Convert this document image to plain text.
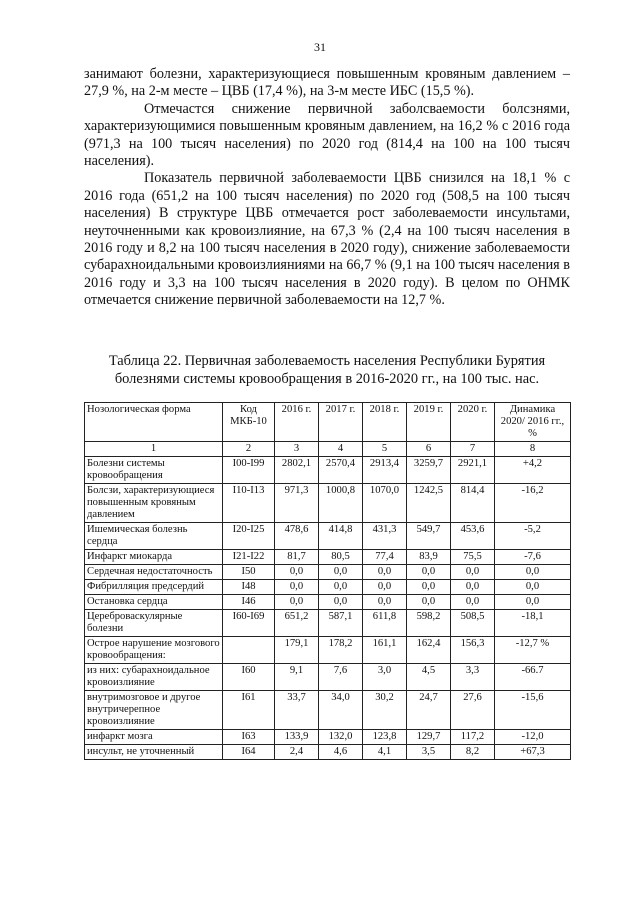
31

занимают болезни, характеризующиеся повышенным кровяным давлением – 27,9 %, на 2-м месте – ЦВБ (17,4 %), на 3-м месте ИБС (15,5 %).

Отмечастся снижение первичной заболсваемости болсзнями, характеризующимися повышенным кровяным давлением, на 16,2 % с 2016 года (971,3 на 100 тысяч населения) по 2020 год (814,4 на 100 на 100 тысяч населения).

Показатель первичной заболеваемости ЦВБ снизился на 18,1 % с 2016 года (651,2 на 100 тысяч населения) по 2020 год (508,5 на 100 тысяч населения) В структуре ЦВБ отмечается рост заболеваемости инсультами, неуточненными как кровоизлияние, на 67,3 % (2,4 на 100 тысяч населения в 2016 году и 8,2 на 100 тысяч населения в 2020 году), снижение заболеваемости субарахноидальными кровоизлияниями на 66,7 % (9,1 на 100 тысяч населения в 2016 году и 3,3 на 100 тысяч населения в 2020 году). В целом по ОНМК отмечается снижение первичной заболеваемости на 12,7 %.

Таблица 22. Первичная заболеваемость населения Республики Бурятия болезнями системы кровообращения в 2016-2020 гг., на 100 тыс. нас.
Нозологическая форма	Код МКБ-10	2016 г.	2017 г.	2018 г.	2019 г.	2020 г.	Динамика 2020/ 2016 гг., %
1	2	3	4	5	6	7	8
Болезни системы кровообращения	I00-I99	2802,1	2570,4	2913,4	3259,7	2921,1	+4,2
Болсзи, характеризующиеся повышенным кровяным давлением	I10-I13	971,3	1000,8	1070,0	1242,5	814,4	-16,2
Ишемическая болезнь сердца	I20-I25	478,6	414,8	431,3	549,7	453,6	-5,2
Инфаркт миокарда	I21-I22	81,7	80,5	77,4	83,9	75,5	-7,6
Сердечная недостаточность	I50	0,0	0,0	0,0	0,0	0,0	0,0
Фибрилляция предсердий	I48	0,0	0,0	0,0	0,0	0,0	0,0
Остановка сердца	I46	0,0	0,0	0,0	0,0	0,0	0,0
Цереброваскулярные болезни	I60-I69	651,2	587,1	611,8	598,2	508,5	-18,1
Острое нарушение мозгового кровообращения:		179,1	178,2	161,1	162,4	156,3	-12,7 %
из них: субарахноидальное кровоизлияние	I60	9,1	7,6	3,0	4,5	3,3	-66.7
внутримозговое и другое внутричерепное кровоизлияние	I61	33,7	34,0	30,2	24,7	27,6	-15,6
инфаркт мозга	I63	133,9	132,0	123,8	129,7	117,2	-12,0
инсульт, не уточненный	I64	2,4	4,6	4,1	3,5	8,2	+67,3
